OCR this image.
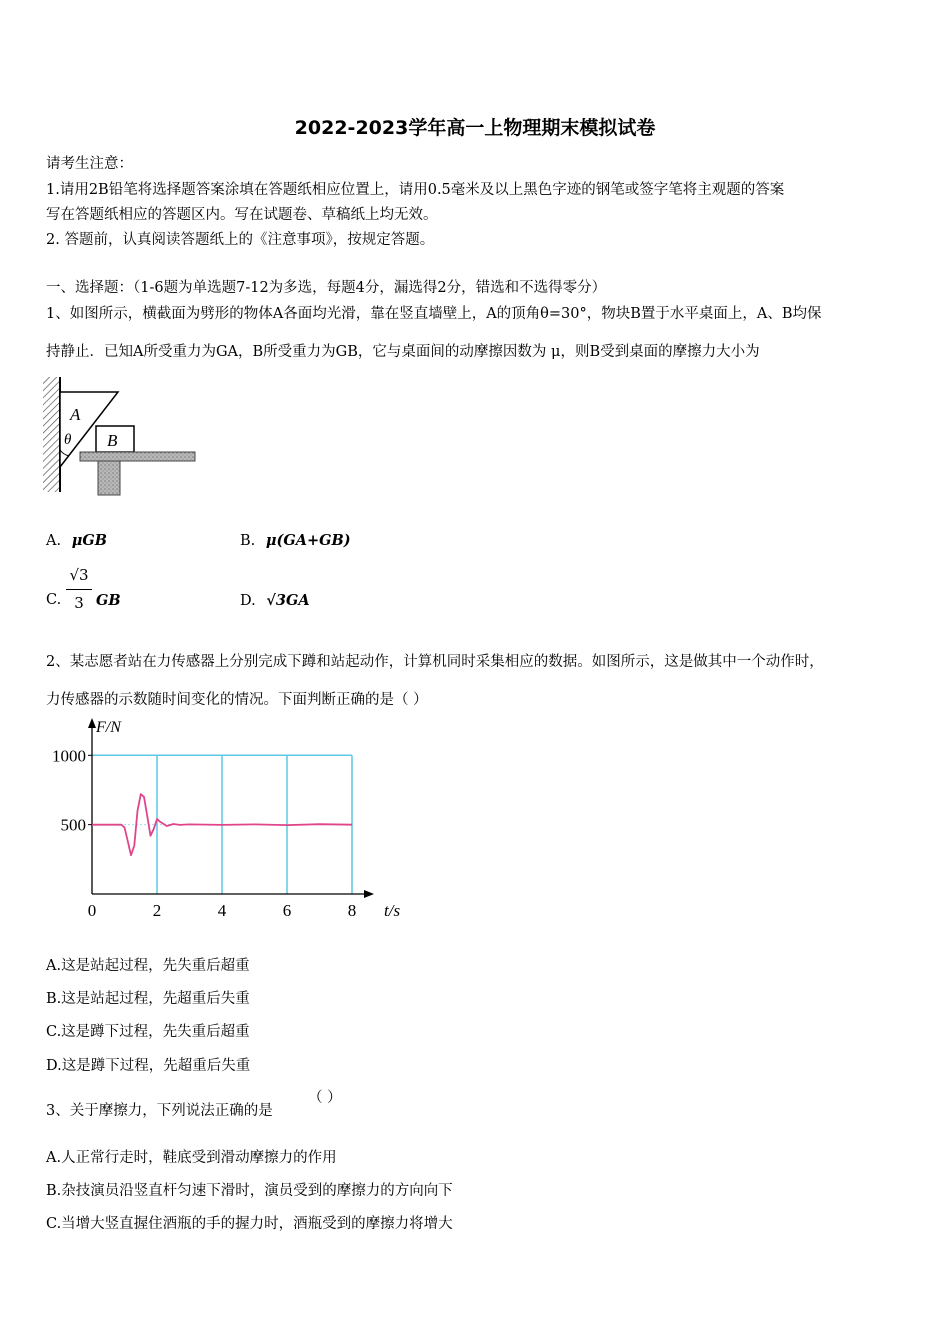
2022-2023学年高一上物理期末模拟试卷
请考生注意：
1.请用2B铅笔将选择题答案涂填在答题纸相应位置上，请用0.5毫米及以上黑色字迹的钢笔或签字笔将主观题的答案
写在答题纸相应的答题区内。写在试题卷、草稿纸上均无效。
2. 答题前，认真阅读答题纸上的《注意事项》，按规定答题。
一、选择题：（1-6题为单选题7-12为多选，每题4分，漏选得2分，错选和不选得零分）
1、如图所示，横截面为劈形的物体A各面均光滑，靠在竖直墙壁上，A的顶角θ=30°，物块B置于水平桌面上，A、B均保
持静止．已知A所受重力为GA，B所受重力为GB，它与桌面间的动摩擦因数为 μ，则B受到桌面的摩擦力大小为
A
θ B
A. μGB	B. μ(GA+GB)
C.
√3
3 GB	D. √3GA
2、某志愿者站在力传感器上分别完成下蹲和站起动作，计算机同时采集相应的数据。如图所示，这是做其中一个动作时，
力传感器的示数随时间变化的情况。下面判断正确的是（ ）
500
1000
0	2	4	6	8
F/N
t/s
A.这是站起过程，先失重后超重
B.这是站起过程，先超重后失重
C.这是蹲下过程，先失重后超重
D.这是蹲下过程，先超重后失重
3、关于摩擦力，下列说法正确的是
（ ）
A.人正常行走时，鞋底受到滑动摩擦力的作用
B.杂技演员沿竖直杆匀速下滑时，演员受到的摩擦力的方向向下
C.当增大竖直握住酒瓶的手的握力时，酒瓶受到的摩擦力将增大
